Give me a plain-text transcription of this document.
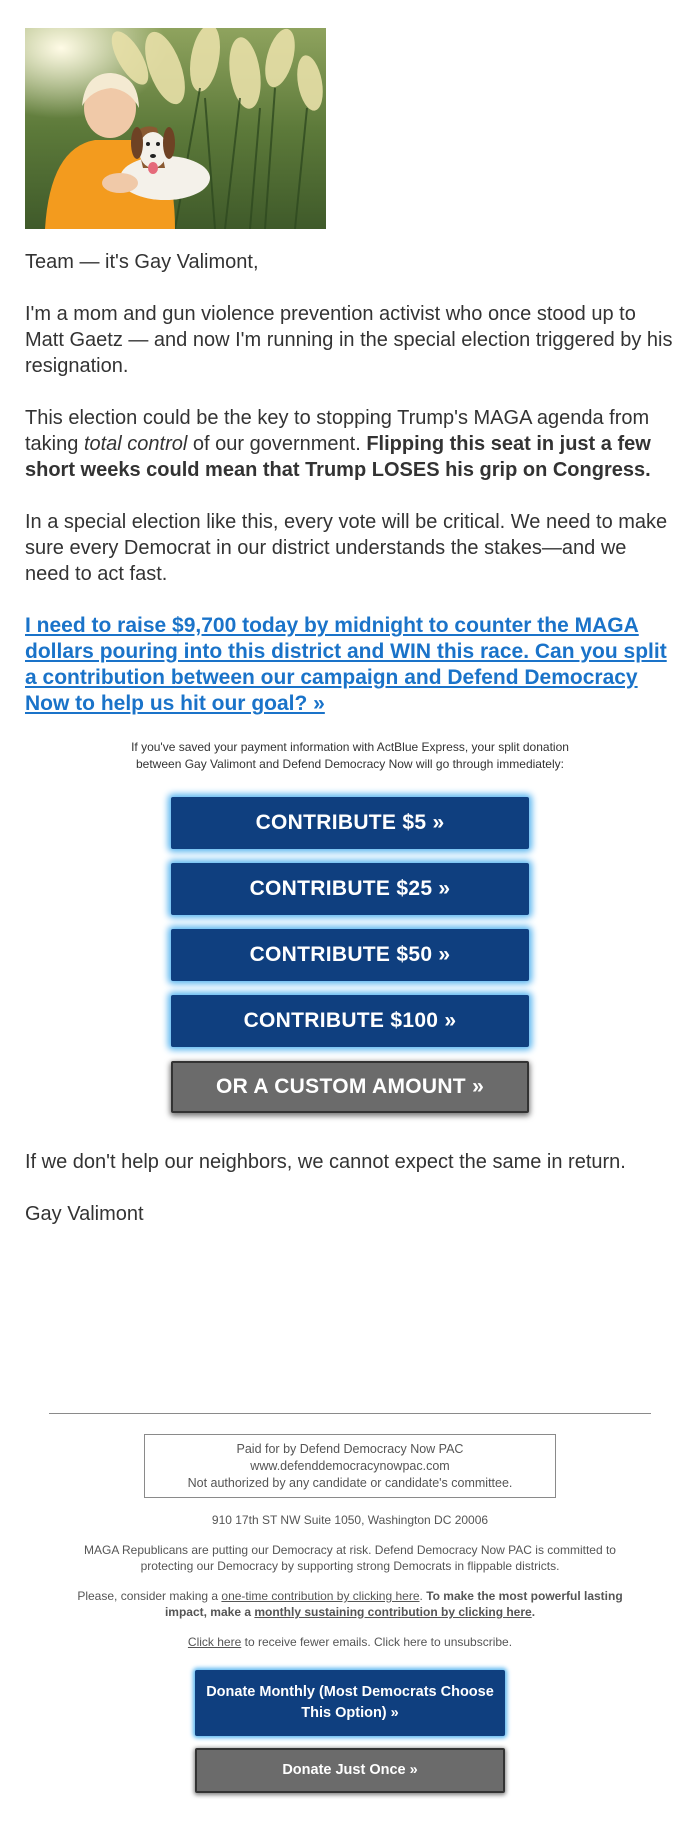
Team — it's Gay Valimont,

I'm a mom and gun violence prevention activist who once stood up to Matt Gaetz — and now I'm running in the special election triggered by his resignation.

This election could be the key to stopping Trump's MAGA agenda from taking total control of our government. Flipping this seat in just a few short weeks could mean that Trump LOSES his grip on Congress.

In a special election like this, every vote will be critical. We need to make sure every Democrat in our district understands the stakes—and we need to act fast.

I need to raise $9,700 today by midnight to counter the MAGA dollars pouring into this district and WIN this race. Can you split a contribution between our campaign and Defend Democracy Now to help us hit our goal? »

If you've saved your payment information with ActBlue Express, your split donation between Gay Valimont and Defend Democracy Now will go through immediately:

CONTRIBUTE $5 »
CONTRIBUTE $25 »
CONTRIBUTE $50 »
CONTRIBUTE $100 »
OR A CUSTOM AMOUNT »

If we don't help our neighbors, we cannot expect the same in return.

Gay Valimont

Paid for by Defend Democracy Now PAC
www.defenddemocracynowpac.com
Not authorized by any candidate or candidate's committee.

910 17th ST NW Suite 1050, Washington DC 20006

MAGA Republicans are putting our Democracy at risk. Defend Democracy Now PAC is committed to protecting our Democracy by supporting strong Democrats in flippable districts.

Please, consider making a one-time contribution by clicking here. To make the most powerful lasting impact, make a monthly sustaining contribution by clicking here.

Click here to receive fewer emails. Click here to unsubscribe.

Donate Monthly (Most Democrats Choose This Option) »
Donate Just Once »
